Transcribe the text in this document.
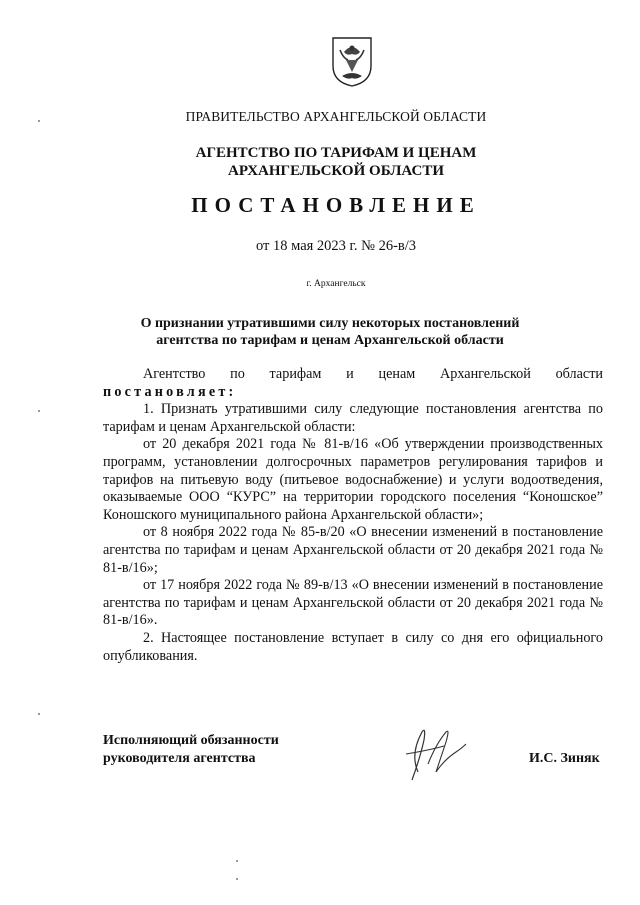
ПРАВИТЕЛЬСТВО АРХАНГЕЛЬСКОЙ ОБЛАСТИ
АГЕНТСТВО ПО ТАРИФАМ И ЦЕНАМ
АРХАНГЕЛЬСКОЙ ОБЛАСТИ
ПОСТАНОВЛЕНИЕ
от 18 мая 2023 г. № 26-в/3
г. Архангельск
О признании утратившими силу некоторых постановлений
агентства по тарифам и ценам Архангельской области

Агентство по тарифам и ценам Архангельской области

постановляет:

1. Признать утратившими силу следующие постановления агентства по тарифам и ценам Архангельской области:

от 20 декабря 2021 года № 81-в/16 «Об утверждении производственных программ, установлении долгосрочных параметров регулирования тарифов и тарифов на питьевую воду (питьевое водоснабжение) и услуги водоотведения, оказываемые ООО “КУРС” на территории городского поселения “Коношское” Коношского муниципального района Архангельской области»;

от 8 ноября 2022 года № 85-в/20 «О внесении изменений в постановление агентства по тарифам и ценам Архангельской области от 20 декабря 2021 года № 81-в/16»;

от 17 ноября 2022 года № 89-в/13 «О внесении изменений в постановление агентства по тарифам и ценам Архангельской области от 20 декабря 2021 года № 81-в/16».

2. Настоящее постановление вступает в силу со дня его официального опубликования.

Исполняющий обязанности
руководителя агентства	И.С. Зиняк
